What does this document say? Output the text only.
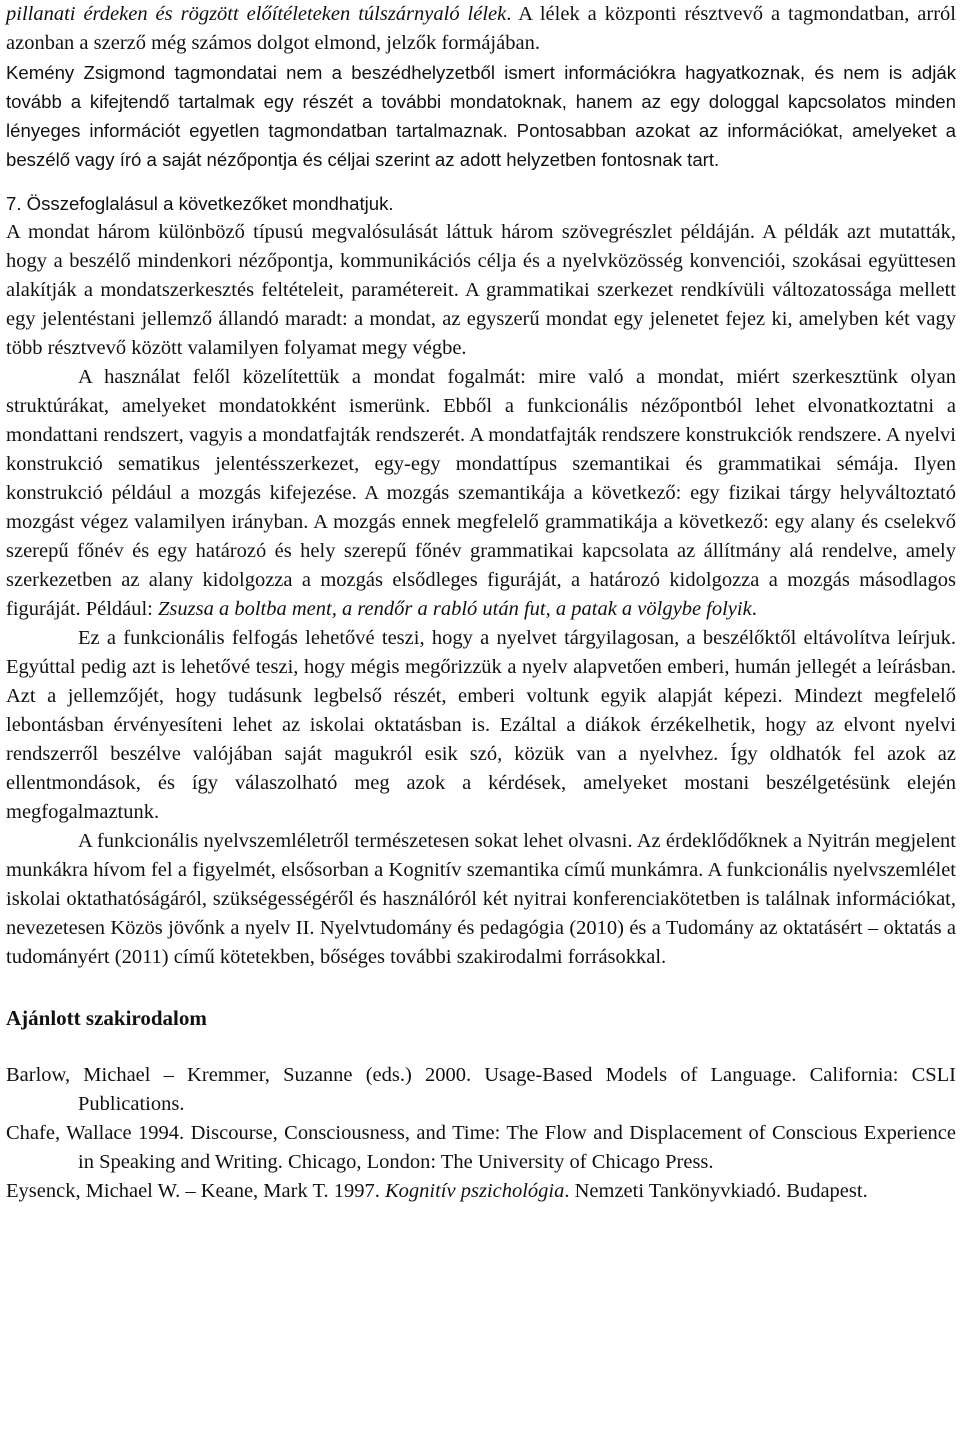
pillanati érdeken és rögzött előítéleteken túlszárnyaló lélek. A lélek a központi résztvevő a tagmondatban, arról azonban a szerző még számos dolgot elmond, jelzők formájában.

Kemény Zsigmond tagmondatai nem a beszédhelyzetből ismert információkra hagyatkoznak, és nem is adják tovább a kifejtendő tartalmak egy részét a további mondatoknak, hanem az egy dologgal kapcsolatos minden lényeges információt egyetlen tagmondatban tartalmaznak. Pontosabban azokat az információkat, amelyeket a beszélő vagy író a saját nézőpontja és céljai szerint az adott helyzetben fontosnak tart.

7. Összefoglalásul a következőket mondhatjuk.

A mondat három különböző típusú megvalósulását láttuk három szövegrészlet példáján. A példák azt mutatták, hogy a beszélő mindenkori nézőpontja, kommunikációs célja és a nyelvközösség konvenciói, szokásai együttesen alakítják a mondatszerkesztés feltételeit, paramétereit. A grammatikai szerkezet rendkívüli változatossága mellett egy jelentéstani jellemző állandó maradt: a mondat, az egyszerű mondat egy jelenetet fejez ki, amelyben két vagy több résztvevő között valamilyen folyamat megy végbe.

A használat felől közelítettük a mondat fogalmát: mire való a mondat, miért szerkesztünk olyan struktúrákat, amelyeket mondatokként ismerünk. Ebből a funkcionális nézőpontból lehet elvonatkoztatni a mondattani rendszert, vagyis a mondatfajták rendszerét. A mondatfajták rendszere konstrukciók rendszere. A nyelvi konstrukció sematikus jelentésszerkezet, egy-egy mondattípus szemantikai és grammatikai sémája. Ilyen konstrukció például a mozgás kifejezése. A mozgás szemantikája a következő: egy fizikai tárgy helyváltoztató mozgást végez valamilyen irányban. A mozgás ennek megfelelő grammatikája a következő: egy alany és cselekvő szerepű főnév és egy határozó és hely szerepű főnév grammatikai kapcsolata az állítmány alá rendelve, amely szerkezetben az alany kidolgozza a mozgás elsődleges figuráját, a határozó kidolgozza a mozgás másodlagos figuráját. Például: Zsuzsa a boltba ment, a rendőr a rabló után fut, a patak a völgybe folyik.

Ez a funkcionális felfogás lehetővé teszi, hogy a nyelvet tárgyilagosan, a beszélőktől eltávolítva leírjuk. Egyúttal pedig azt is lehetővé teszi, hogy mégis megőrizzük a nyelv alapvetően emberi, humán jellegét a leírásban. Azt a jellemzőjét, hogy tudásunk legbelső részét, emberi voltunk egyik alapját képezi. Mindezt megfelelő lebontásban érvényesíteni lehet az iskolai oktatásban is. Ezáltal a diákok érzékelhetik, hogy az elvont nyelvi rendszerről beszélve valójában saját magukról esik szó, közük van a nyelvhez. Így oldhatók fel azok az ellentmondások, és így válaszolható meg azok a kérdések, amelyeket mostani beszélgetésünk elején megfogalmaztunk.

A funkcionális nyelvszemléletről természetesen sokat lehet olvasni. Az érdeklődőknek a Nyitrán megjelent munkákra hívom fel a figyelmét, elsősorban a Kognitív szemantika című munkámra. A funkcionális nyelvszemlélet iskolai oktathatóságáról, szükségességéről és használóról két nyitrai konferenciakötetben is találnak információkat, nevezetesen Közös jövőnk a nyelv II. Nyelvtudomány és pedagógia (2010) és a Tudomány az oktatásért – oktatás a tudományért (2011) című kötetekben, bőséges további szakirodalmi forrásokkal.

Ajánlott szakirodalom

Barlow, Michael – Kremmer, Suzanne (eds.) 2000. Usage-Based Models of Language. California: CSLI Publications.

Chafe, Wallace 1994. Discourse, Consciousness, and Time: The Flow and Displacement of Conscious Experience in Speaking and Writing. Chicago, London: The University of Chicago Press.

Eysenck, Michael W. – Keane, Mark T. 1997. Kognitív pszichológia. Nemzeti Tankönyvkiadó. Budapest.
